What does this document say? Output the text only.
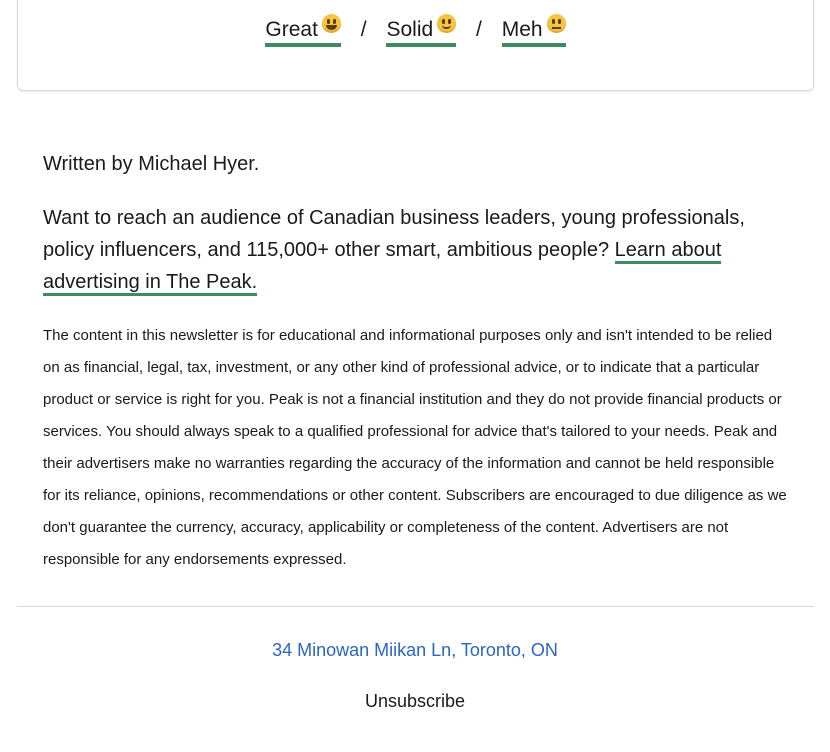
Great / Solid / Meh
Written by Michael Hyer.
Want to reach an audience of Canadian business leaders, young professionals, policy influencers, and 115,000+ other smart, ambitious people? Learn about advertising in The Peak.
The content in this newsletter is for educational and informational purposes only and isn't intended to be relied on as financial, legal, tax, investment, or any other kind of professional advice, or to indicate that a particular product or service is right for you. Peak is not a financial institution and they do not provide financial products or services. You should always speak to a qualified professional for advice that's tailored to your needs. Peak and their advertisers make no warranties regarding the accuracy of the information and cannot be held responsible for its reliance, opinions, recommendations or other content. Subscribers are encouraged to due diligence as we don't guarantee the currency, accuracy, applicability or completeness of the content. Advertisers are not responsible for any endorsements expressed.
34 Minowan Miikan Ln, Toronto, ON
Unsubscribe
